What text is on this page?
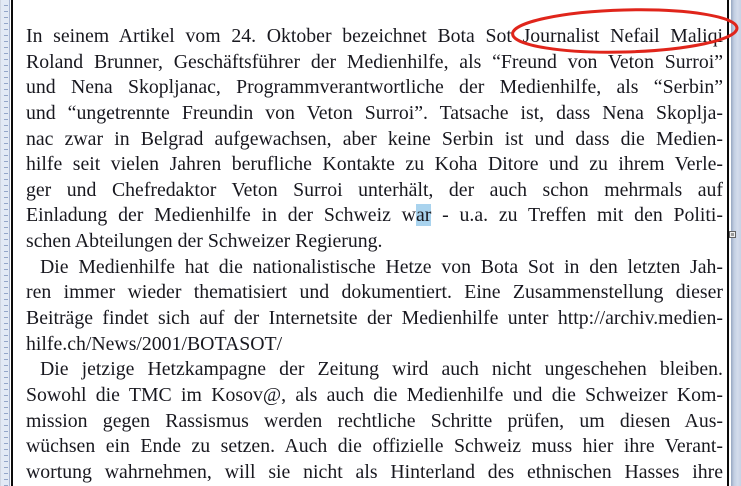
In seinem Artikel vom 24. Oktober bezeichnet Bota Sot Journalist Nefail Maliqi
Roland Brunner, Geschäftsführer der Medienhilfe, als “Freund von Veton Surroi”
und Nena Skopljanac, Programmverantwortliche der Medienhilfe, als “Serbin”
und “ungetrennte Freundin von Veton Surroi”. Tatsache ist, dass Nena Skoplja-
nac zwar in Belgrad aufgewachsen, aber keine Serbin ist und dass die Medien-
hilfe seit vielen Jahren berufliche Kontakte zu Koha Ditore und zu ihrem Verle-
ger und Chefredaktor Veton Surroi unterhält, der auch schon mehrmals auf
Einladung der Medienhilfe in der Schweiz war - u.a. zu Treffen mit den Politi-
schen Abteilungen der Schweizer Regierung.
Die Medienhilfe hat die nationalistische Hetze von Bota Sot in den letzten Jah-
ren immer wieder thematisiert und dokumentiert. Eine Zusammenstellung dieser
Beiträge findet sich auf der Internetsite der Medienhilfe unter http://archiv.medien-
hilfe.ch/News/2001/BOTASOT/
Die jetzige Hetzkampagne der Zeitung wird auch nicht ungeschehen bleiben.
Sowohl die TMC im Kosov@, als auch die Medienhilfe und die Schweizer Kom-
mission gegen Rassismus werden rechtliche Schritte prüfen, um diesen Aus-
wüchsen ein Ende zu setzen. Auch die offizielle Schweiz muss hier ihre Verant-
wortung wahrnehmen, will sie nicht als Hinterland des ethnischen Hasses ihre
